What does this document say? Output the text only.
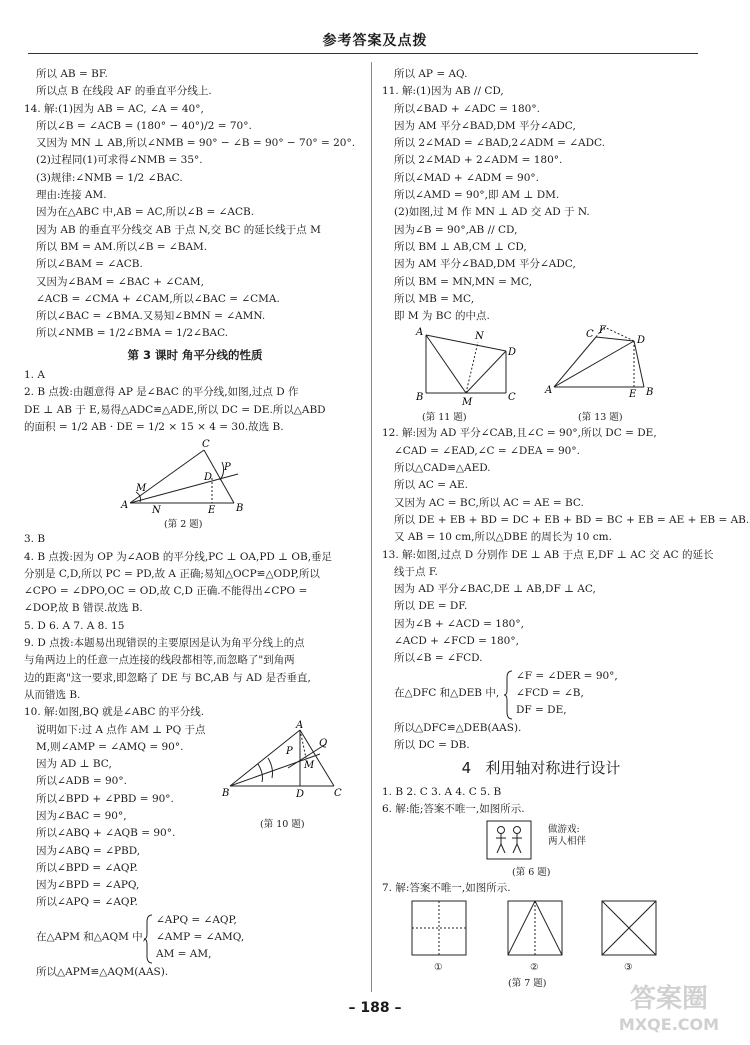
参考答案及点拨
所以 AB = BF.
所以点 B 在线段 AF 的垂直平分线上.
14. 解:(1)因为 AB = AC, ∠A = 40°,
所以∠B = ∠ACB = (180° − 40°)/2 = 70°.
又因为 MN ⊥ AB,所以∠NMB = 90° − ∠B = 90° − 70° = 20°.
(2)过程同(1)可求得∠NMB = 35°.
(3)规律:∠NMB = 1/2 ∠BAC.
理由:连接 AM.
因为在△ABC 中,AB = AC,所以∠B = ∠ACB.
因为 AB 的垂直平分线交 AB 于点 N,交 BC 的延长线于点 M
所以 BM = AM.所以∠B = ∠BAM.
所以∠BAM = ∠ACB.
又因为∠BAM = ∠BAC + ∠CAM,
∠ACB = ∠CMA + ∠CAM,所以∠BAC = ∠CMA.
所以∠BAC = ∠BMA.又易知∠BMN = ∠AMN.
所以∠NMB = 1/2∠BMA = 1/2∠BAC.
第 3 课时 角平分线的性质
1. A
2. B 点拨:由题意得 AP 是∠BAC 的平分线,如图,过点 D 作
DE ⊥ AB 于 E,易得△ADC≌△ADE,所以 DC = DE.所以△ABD
的面积 = 1/2 AB · DE = 1/2 × 15 × 4 = 30.故选 B.
A	B
C
D
P
E
M
N
(第 2 题)
3. B
4. B 点拨:因为 OP 为∠AOB 的平分线,PC ⊥ OA,PD ⊥ OB,垂足
分别是 C,D,所以 PC = PD,故 A 正确;易知△OCP≌△ODP,所以
∠CPO = ∠DPO,OC = OD,故 C,D 正确.不能得出∠CPO =
∠DOP,故 B 错误.故选 B.
5. D 6. A 7. A 8. 15
9. D 点拨:本题易出现错误的主要原因是认为角平分线上的点
与角两边上的任意一点连接的线段都相等,而忽略了"到角两
边的距离"这一要求,即忽略了 DE 与 BC,AB 与 AD 是否垂直,
从而错选 B.
10. 解:如图,BQ 就是∠ABC 的平分线.
说明如下:过 A 点作 AM ⊥ PQ 于点
M,则∠AMP = ∠AMQ = 90°.
因为 AD ⊥ BC,
所以∠ADB = 90°.
所以∠BPD + ∠PBD = 90°.
因为∠BAC = 90°,
所以∠ABQ + ∠AQB = 90°.
因为∠ABQ = ∠PBD,
所以∠BPD = ∠AQP.
因为∠BPD = ∠APQ,
所以∠APQ = ∠AQP.
A
B	C
D
P
Q
M
(第 10 题)
在△APM 和△AQM 中,
∠APQ = ∠AQP,
∠AMP = ∠AMQ,
AM = AM,
所以△APM≌△AQM(AAS).
所以 AP = AQ.
11. 解:(1)因为 AB // CD,
所以∠BAD + ∠ADC = 180°.
因为 AM 平分∠BAD,DM 平分∠ADC,
所以 2∠MAD = ∠BAD,2∠ADM = ∠ADC.
所以 2∠MAD + 2∠ADM = 180°.
所以∠MAD + ∠ADM = 90°.
所以∠AMD = 90°,即 AM ⊥ DM.
(2)如图,过 M 作 MN ⊥ AD 交 AD 于 N.
因为∠B = 90°,AB // CD,
所以 BM ⊥ AB,CM ⊥ CD,
因为 AM 平分∠BAD,DM 平分∠ADC,
所以 BM = MN,MN = MC,
所以 MB = MC,
即 M 为 BC 的中点.
A
B	C
D
N
M
A	B
C
D
E
F
(第 11 题)	(第 13 题)
12. 解:因为 AD 平分∠CAB,且∠C = 90°,所以 DC = DE,
∠CAD = ∠EAD,∠C = ∠DEA = 90°.
所以△CAD≌△AED.
所以 AC = AE.
又因为 AC = BC,所以 AC = AE = BC.
所以 DE + EB + BD = DC + EB + BD = BC + EB = AE + EB = AB.
又 AB = 10 cm,所以△DBE 的周长为 10 cm.
13. 解:如图,过点 D 分别作 DE ⊥ AB 于点 E,DF ⊥ AC 交 AC 的延长
线于点 F.
因为 AD 平分∠BAC,DE ⊥ AB,DF ⊥ AC,
所以 DE = DF.
因为∠B + ∠ACD = 180°,
∠ACD + ∠FCD = 180°,
所以∠B = ∠FCD.
在△DFC 和△DEB 中,
∠F = ∠DER = 90°,
∠FCD = ∠B,
DF = DE,
所以△DFC≌△DEB(AAS).
所以 DC = DB.
4 利用轴对称进行设计
1. B 2. C 3. A 4. C 5. B
6. 解:能;答案不唯一,如图所示.
做游戏:
两人相伴
(第 6 题)
7. 解:答案不唯一,如图所示.
①	②	③
(第 7 题)
– 188 –	答案圈
MXQE.COM
